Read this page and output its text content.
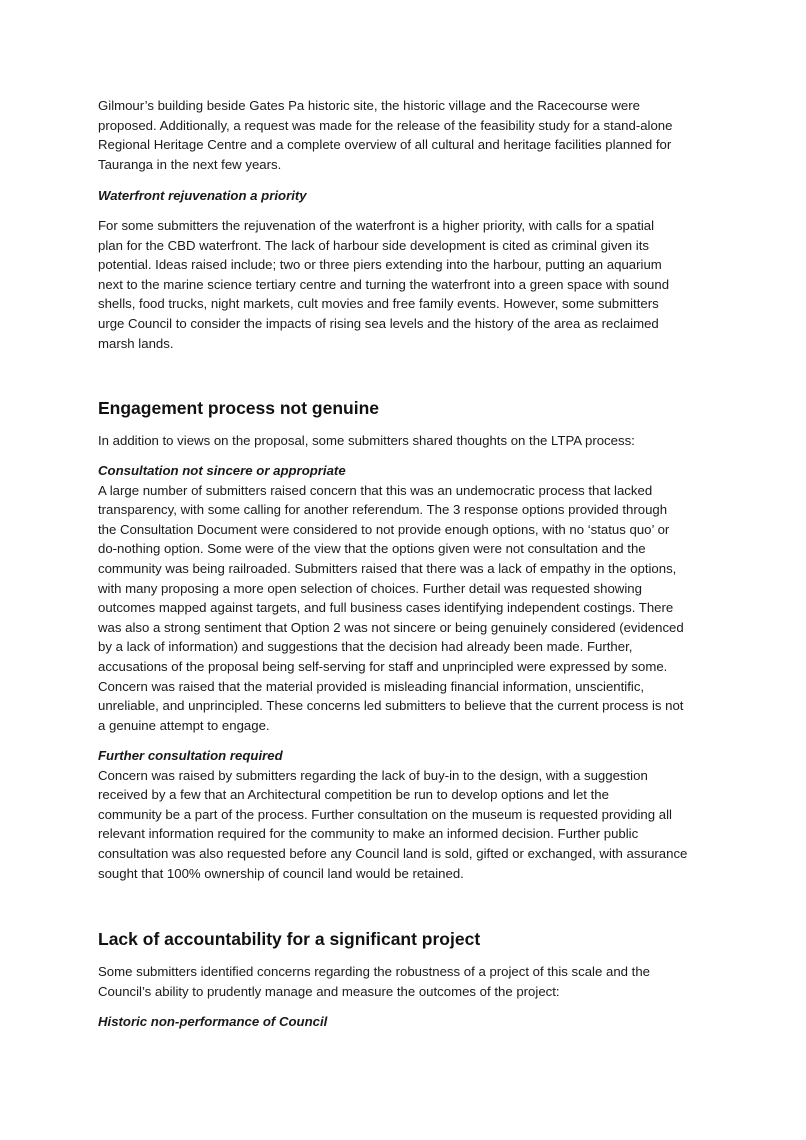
Gilmour’s building beside Gates Pa historic site, the historic village and the Racecourse were
proposed. Additionally, a request was made for the release of the feasibility study for a stand-alone
Regional Heritage Centre and a complete overview of all cultural and heritage facilities planned for
Tauranga in the next few years.

Waterfront rejuvenation a priority

For some submitters the rejuvenation of the waterfront is a higher priority, with calls for a spatial
plan for the CBD waterfront. The lack of harbour side development is cited as criminal given its
potential. Ideas raised include; two or three piers extending into the harbour, putting an aquarium
next to the marine science tertiary centre and turning the waterfront into a green space with sound
shells, food trucks, night markets, cult movies and free family events. However, some submitters
urge Council to consider the impacts of rising sea levels and the history of the area as reclaimed
marsh lands.

Engagement process not genuine

In addition to views on the proposal, some submitters shared thoughts on the LTPA process:

Consultation not sincere or appropriate

A large number of submitters raised concern that this was an undemocratic process that lacked
transparency, with some calling for another referendum. The 3 response options provided through
the Consultation Document were considered to not provide enough options, with no ‘status quo’ or
do-nothing option. Some were of the view that the options given were not consultation and the
community was being railroaded. Submitters raised that there was a lack of empathy in the options,
with many proposing a more open selection of choices. Further detail was requested showing
outcomes mapped against targets, and full business cases identifying independent costings. There
was also a strong sentiment that Option 2 was not sincere or being genuinely considered (evidenced
by a lack of information) and suggestions that the decision had already been made. Further,
accusations of the proposal being self-serving for staff and unprincipled were expressed by some.
Concern was raised that the material provided is misleading financial information, unscientific,
unreliable, and unprincipled. These concerns led submitters to believe that the current process is not
a genuine attempt to engage.

Further consultation required

Concern was raised by submitters regarding the lack of buy-in to the design, with a suggestion
received by a few that an Architectural competition be run to develop options and let the
community be a part of the process. Further consultation on the museum is requested providing all
relevant information required for the community to make an informed decision. Further public
consultation was also requested before any Council land is sold, gifted or exchanged, with assurance
sought that 100% ownership of council land would be retained.

Lack of accountability for a significant project

Some submitters identified concerns regarding the robustness of a project of this scale and the
Council’s ability to prudently manage and measure the outcomes of the project:

Historic non-performance of Council
